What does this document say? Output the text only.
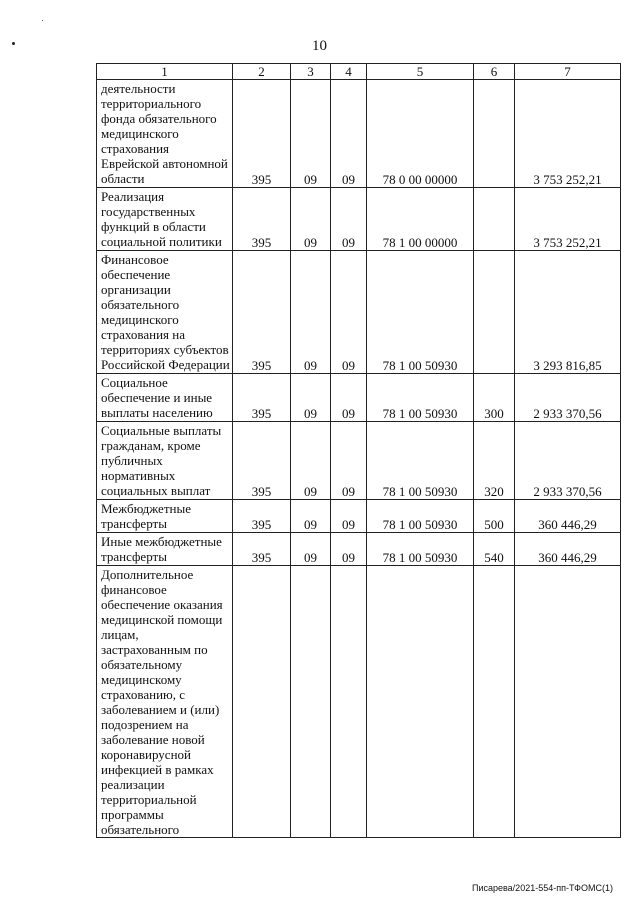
10
1	2	3	4	5	6	7
деятельности территориального фонда обязательного медицинского страхования Еврейской автономной области	395	09	09	78 0 00 00000		3 753 252,21
Реализация государственных функций в области социальной политики	395	09	09	78 1 00 00000		3 753 252,21
Финансовое обеспечение организации обязательного медицинского страхования на территориях субъектов Российской Федерации	395	09	09	78 1 00 50930		3 293 816,85
Социальное обеспечение и иные выплаты населению	395	09	09	78 1 00 50930	300	2 933 370,56
Социальные выплаты гражданам, кроме публичных нормативных социальных выплат	395	09	09	78 1 00 50930	320	2 933 370,56
Межбюджетные трансферты	395	09	09	78 1 00 50930	500	360 446,29
Иные межбюджетные трансферты	395	09	09	78 1 00 50930	540	360 446,29
Дополнительное финансовое обеспечение оказания медицинской помощи лицам, застрахованным по обязательному медицинскому страхованию, с заболеванием и (или) подозрением на заболевание новой коронавирусной инфекцией в рамках реализации территориальной программы обязательного						
Писарева/2021-554-пп-ТФОМС(1)
